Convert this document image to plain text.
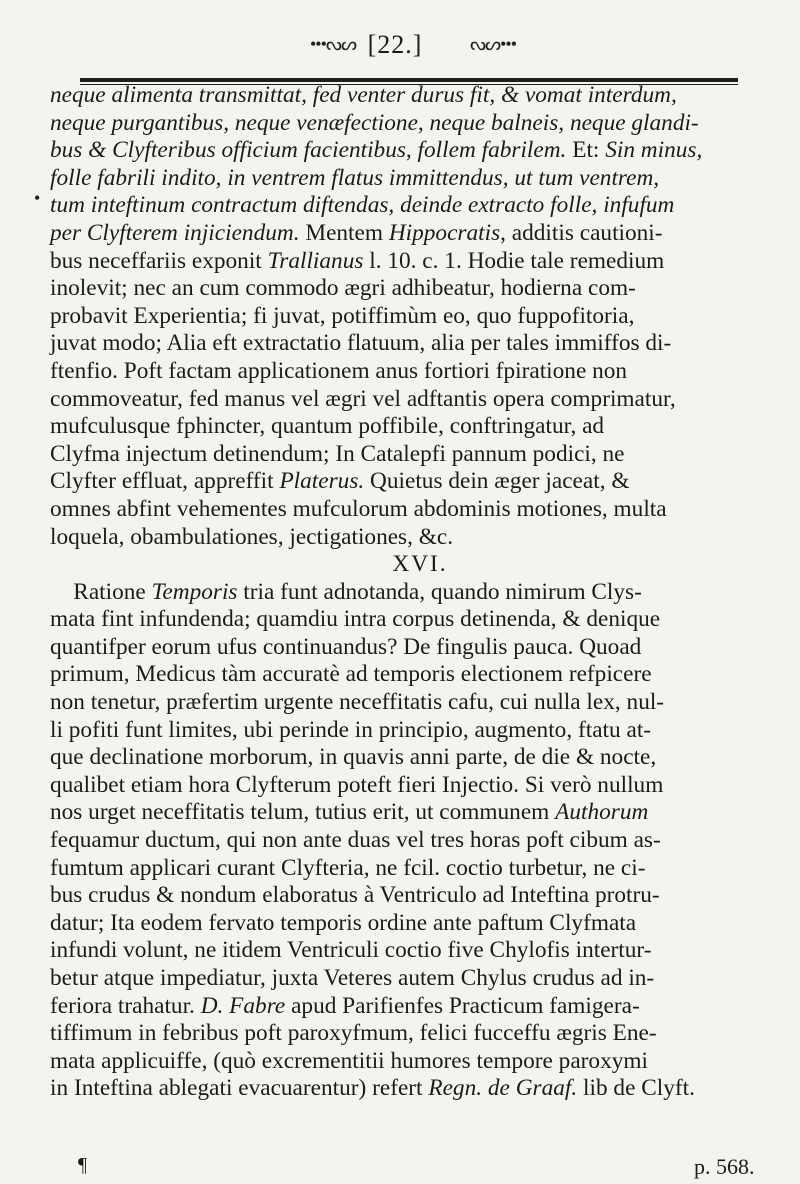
•••ᔓᔕ [22.]	ᔓᔕ•••
•
neque alimenta transmittat, fed venter durus fit, & vomat interdum,
neque purgantibus, neque venæfectione, neque balneis, neque glandi-
bus & Clyfteribus officium facientibus, follem fabrilem. Et: Sin minus,
folle fabrili indito, in ventrem flatus immittendus, ut tum ventrem,
tum inteftinum contractum diftendas, deinde extracto folle, infufum
per Clyfterem injiciendum. Mentem Hippocratis, additis cautioni-
bus neceffariis exponit Trallianus l. 10. c. 1. Hodie tale remedium
inolevit; nec an cum commodo ægri adhibeatur, hodierna com-
probavit Experientia; fi juvat, potiffimùm eo, quo fuppofitoria,
juvat modo; Alia eft extractatio flatuum, alia per tales immiffos di-
ftenfio. Poft factam applicationem anus fortiori fpiratione non
commoveatur, fed manus vel ægri vel adftantis opera comprimatur,
mufculusque fphincter, quantum poffibile, conftringatur, ad
Clyfma injectum detinendum; In Catalepfi pannum podici, ne
Clyfter effluat, appreffit Platerus. Quietus dein æger jaceat, &
omnes abfint vehementes mufculorum abdominis motiones, multa
loquela, obambulationes, jectigationes, &c.
XVI.
Ratione Temporis tria funt adnotanda, quando nimirum Clys-
mata fint infundenda; quamdiu intra corpus detinenda, & denique
quantifper eorum ufus continuandus? De fingulis pauca. Quoad
primum, Medicus tàm accuratè ad temporis electionem refpicere
non tenetur, præfertim urgente neceffitatis cafu, cui nulla lex, nul-
li pofiti funt limites, ubi perinde in principio, augmento, ftatu at-
que declinatione morborum, in quavis anni parte, de die & nocte,
qualibet etiam hora Clyfterum poteft fieri Injectio. Si verò nullum
nos urget neceffitatis telum, tutius erit, ut communem Authorum
fequamur ductum, qui non ante duas vel tres horas poft cibum as-
fumtum applicari curant Clyfteria, ne fcil. coctio turbetur, ne ci-
bus crudus & nondum elaboratus à Ventriculo ad Inteftina protru-
datur; Ita eodem fervato temporis ordine ante paftum Clyfmata
infundi volunt, ne itidem Ventriculi coctio five Chylofis intertur-
betur atque impediatur, juxta Veteres autem Chylus crudus ad in-
feriora trahatur. D. Fabre apud Parifienfes Practicum famigera-
tiffimum in febribus poft paroxyfmum, felici fucceffu ægris Ene-
mata applicuiffe, (quò excrementitii humores tempore paroxymi
in Inteftina ablegati evacuarentur) refert Regn. de Graaf. lib de Clyft.
¶	p. 568.
